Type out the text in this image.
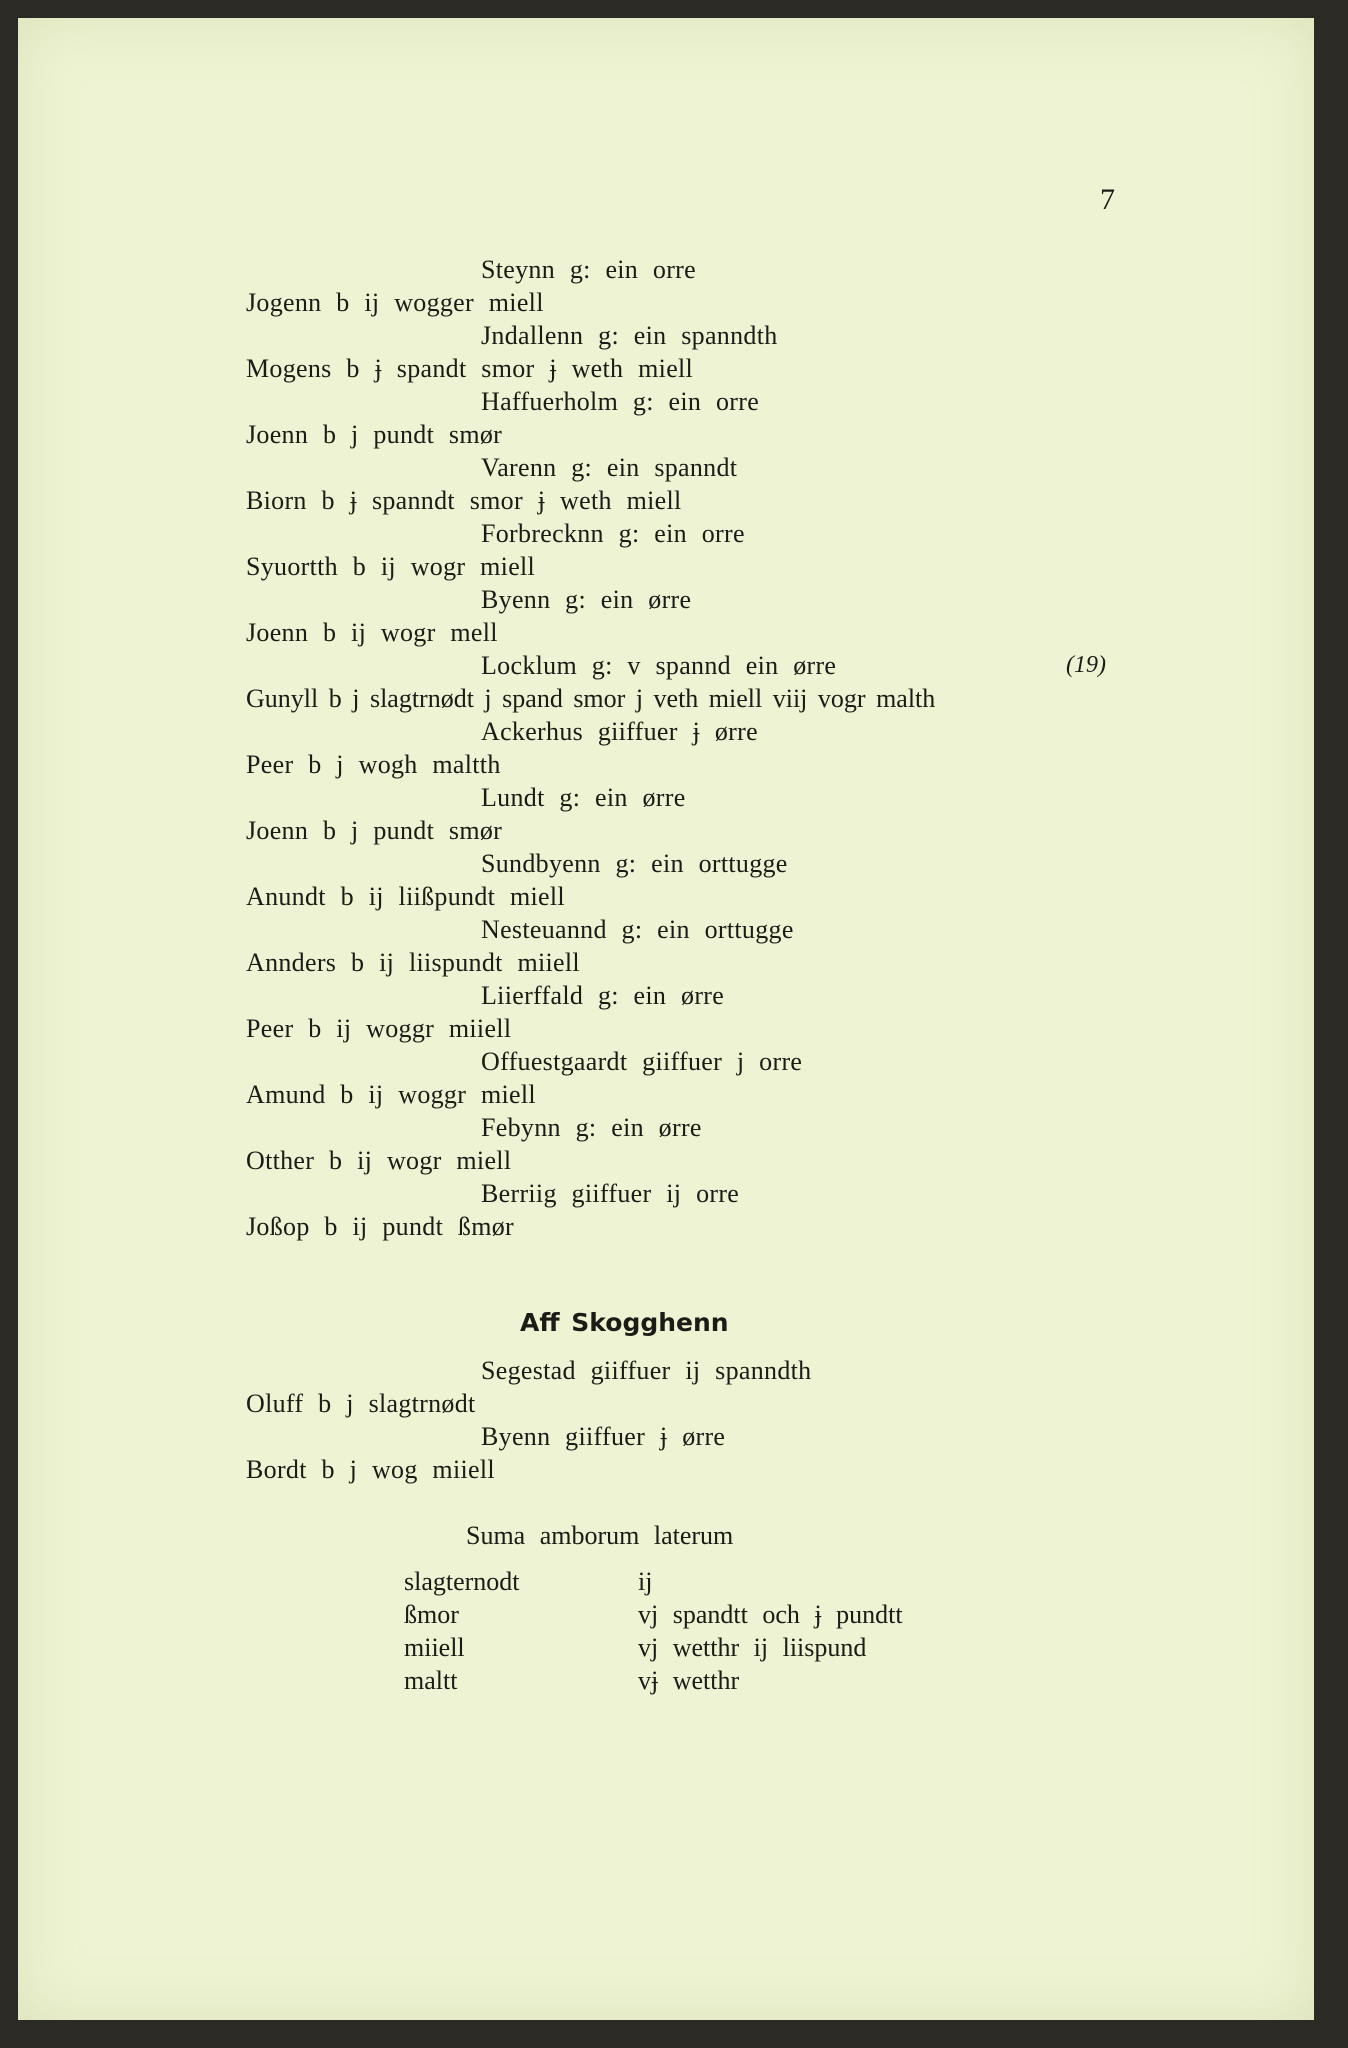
7
Steynn g: ein orre
Jogenn b ij wogger miell
Jndallenn g: ein spanndth
Mogens b ɉ spandt smor ɉ weth miell
Haffuerholm g: ein orre
Joenn b j pundt smør
Varenn g: ein spanndt
Biorn b ɉ spanndt smor ɉ weth miell
Forbrecknn g: ein orre
Syuortth b ij wogr miell
Byenn g: ein ørre
Joenn b ij wogr mell
Locklum g: v spannd ein ørre	(19)
Gunyll b j slagtrnødt j spand smor j veth miell viij vogr malth
Ackerhus giiffuer ɉ ørre
Peer b j wogh maltth
Lundt g: ein ørre
Joenn b j pundt smør
Sundbyenn g: ein orttugge
Anundt b ij liißpundt miell
Nesteuannd g: ein orttugge
Annders b ij liispundt miiell
Liierffald g: ein ørre
Peer b ij woggr miiell
Offuestgaardt giiffuer j orre
Amund b ij woggr miell
Febynn g: ein ørre
Otther b ij wogr miell
Berriig giiffuer ij orre
Joßop b ij pundt ßmør
Aff Skogghenn
Segestad giiffuer ij spanndth
Oluff b j slagtrnødt
Byenn giiffuer ɉ ørre
Bordt b j wog miiell
Suma amborum laterum
slagternodt	ij
ßmor	vj spandtt och ɉ pundtt
miiell	vj wetthr ij liispund
maltt	vɉ wetthr
